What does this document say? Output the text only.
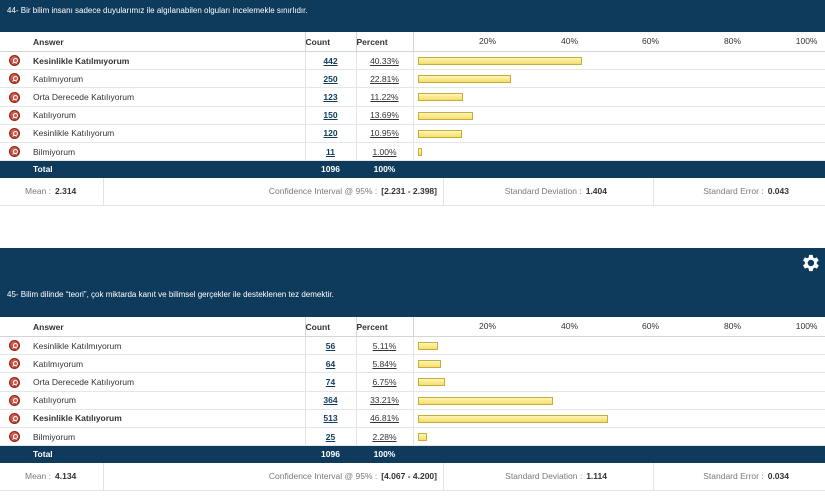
44- Bir bilim insanı sadece duyularımız ile algılanabilen olguları incelemekle sınırlıdır.
	Answer	Count	Percent	20% 40% 60% 80% 100%

	Kesinlikle Katılmıyorum	442	40.33%	

	Katılmıyorum	250	22.81%	

	Orta Derecede Katılıyorum	123	11.22%	

	Katılıyorum	150	13.69%	

	Kesinlikle Katılıyorum	120	10.95%	

	Bilmiyorum	11	1.00%	

	Total	1096	100%	
Mean : 2.314	Confidence Interval @ 95% : [2.231 - 2.398]	Standard Deviation : 1.404	Standard Error : 0.043
45- Bilim dilinde “teori”, çok miktarda kanıt ve bilimsel gerçekler ile desteklenen tez demektir.
	Answer	Count	Percent	20% 40% 60% 80% 100%

	Kesinlikle Katılmıyorum	56	5.11%	

	Katılmıyorum	64	5.84%	

	Orta Derecede Katılıyorum	74	6.75%	

	Katılıyorum	364	33.21%	

	Kesinlikle Katılıyorum	513	46.81%	

	Bilmiyorum	25	2.28%	

	Total	1096	100%	
Mean : 4.134	Confidence Interval @ 95% : [4.067 - 4.200]	Standard Deviation : 1.114	Standard Error : 0.034
